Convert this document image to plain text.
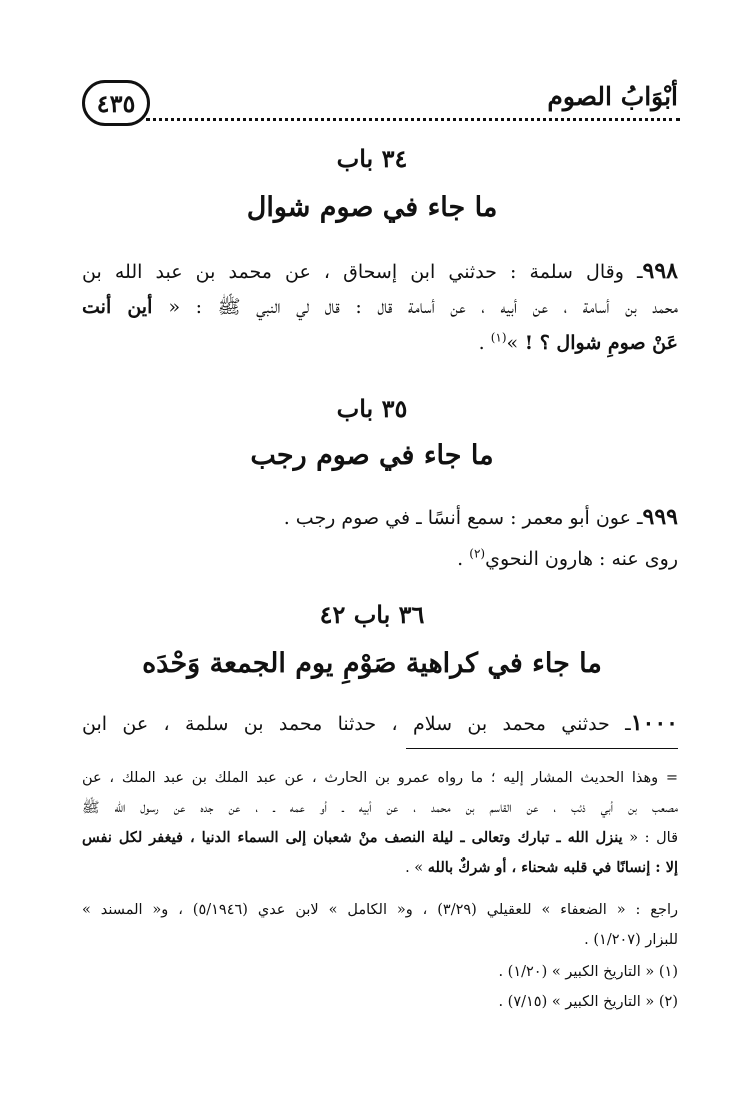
أبْوَابُ الصوم
٤٣٥
٣٤ باب
ما جاء في صوم شوال
٩٩٨ـ وقال سلمة : حدثني ابن إسحاق ، عن محمد بن عبد الله بن
محمد بن أسامة ، عن أبيه ، عن أسامة قال : قال لي النبي ﷺ : « أين أنت
عَنْ صومِ شوال ؟ ! »$^{(١)}$ .
٣٥ باب
ما جاء في صوم رجب
٩٩٩ـ عون أبو معمر : سمع أنسًا ـ في صوم رجب .
روى عنه : هارون النحوي$^{(٢)}$ .
٣٦ باب ٤٢
ما جاء في كراهية صَوْمِ يوم الجمعة وَحْدَه
١٠٠٠ـ حدثني محمد بن سلام ، حدثنا محمد بن سلمة ، عن ابن
= وهذا الحديث المشار إليه ؛ ما رواه عمرو بن الحارث ، عن عبد الملك بن عبد الملك ، عن
مصعب بن أبي ذئب ، عن القاسم بن محمد ، عن أبيه ـ أو عمه ـ ، عن جده عن رسول الله ﷺ
قال : « ينزل الله ـ تبارك وتعالى ـ ليلة النصف منْ شعبان إلى السماء الدنيا ، فيغفر لكل نفس
إلا : إنسانًا في قلبه شحناء ، أو شركٌ بالله » .
راجع : « الضعفاء » للعقيلي (٣/٢٩) ، و« الكامل » لابن عدي (٥/١٩٤٦) ، و« المسند »
للبزار (١/٢٠٧) .
(١) « التاريخ الكبير » (١/٢٠) .
(٢) « التاريخ الكبير » (٧/١٥) .
